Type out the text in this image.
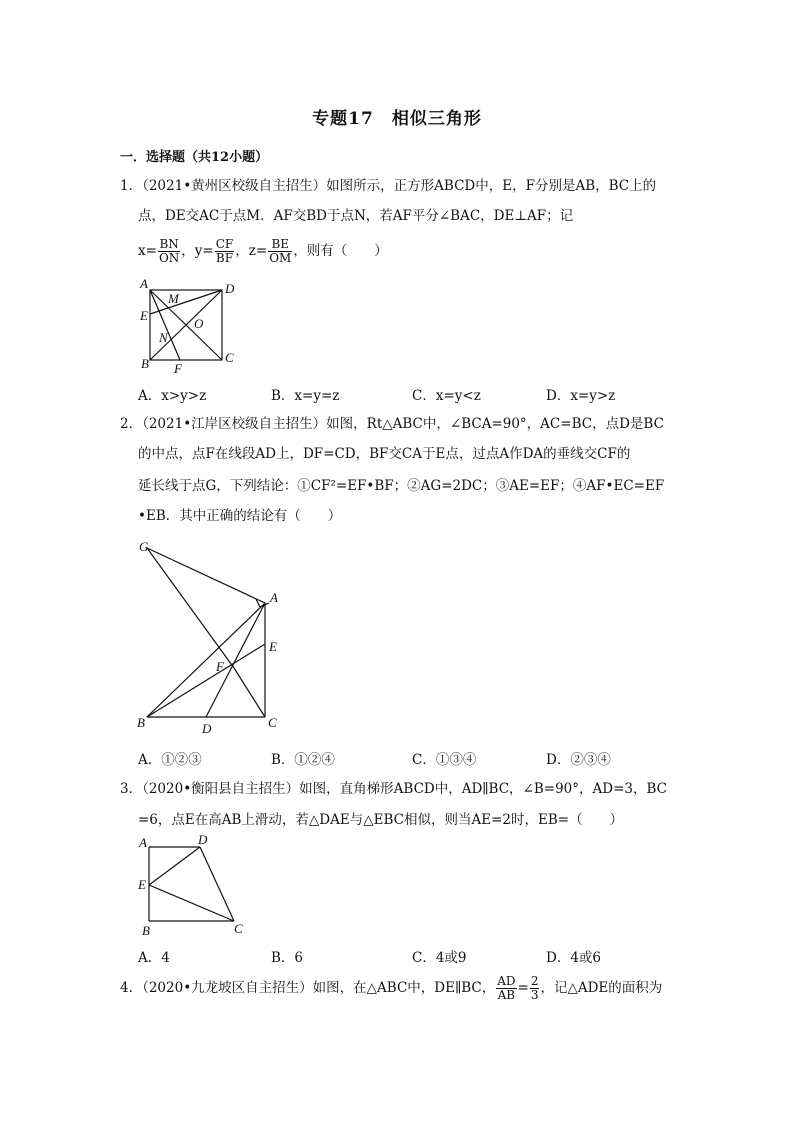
专题17　相似三角形
一．选择题（共12小题）
1．（2021•黄州区校级自主招生）如图所示，正方形ABCD中，E，F分别是AB，BC上的
点，DE交AC于点M．AF交BD于点N，若AF平分∠BAC，DE⊥AF；记
$x= \frac{BN}{ON}$ ，$y= \frac{CF}{BF}$ ，$z= \frac{BE}{OM}$ ，则有（　　）
A	D
E
M
O
N
B	C
F
A．x>y>z	B．x=y=z	C．x=y<z	D．x=y>z
2．（2021•江岸区校级自主招生）如图，Rt△ABC中，∠BCA=90°，AC=BC，点D是BC
的中点，点F在线段AD上，DF=CD，BF交CA于E点，过点A作DA的垂线交CF的
延长线于点G，下列结论：①CF²=EF•BF；②AG=2DC；③AE=EF；④AF•EC=EF
•EB．其中正确的结论有（　　）
G
A
E
F
B	D	C
A．①②③	B．①②④	C．①③④	D．②③④
3．（2020•衡阳县自主招生）如图，直角梯形ABCD中，AD∥BC，∠B=90°，AD=3，BC
=6，点E在高AB上滑动，若△DAE与△EBC相似，则当AE=2时，EB=（　　）
A	D
E
B	C
A．4	B．6	C．4或9	D．4或6
4．（2020•九龙坡区自主招生）如图，在△ABC中，DE∥BC， $\frac{AD}{AB} = \frac{2}{3}$ ，记△ADE的面积为
